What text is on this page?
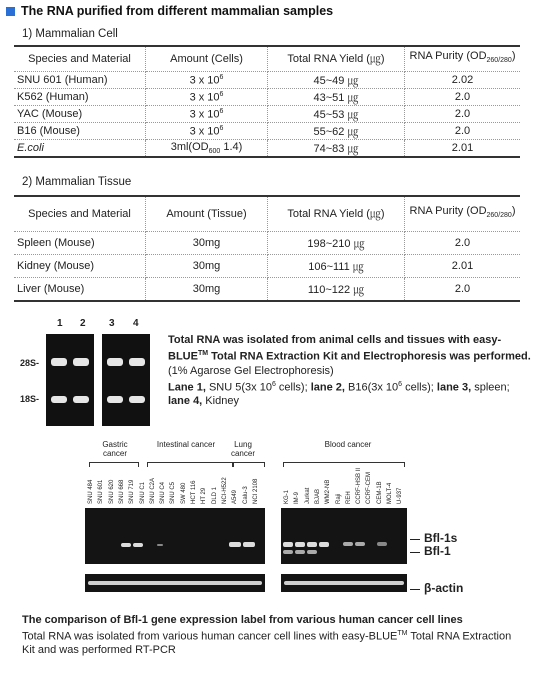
The RNA purified from different mammalian samples
1) Mammalian Cell
Species and Material	Amount (Cells)	Total RNA Yield (㎍)	RNA Purity $(OD_{260/280})$
SNU 601 (Human)	3 x $10^6$	45~49 ㎍	2.02
K562 (Human)	3 x $10^6$	43~51 ㎍	2.0
YAC (Mouse)	3 x $10^6$	45~53 ㎍	2.0
B16 (Mouse)	3 x $10^6$	55~62 ㎍	2.0
E.coli	$3ml(OD_{600}$ 1.4)	74~83 ㎍	2.01
2) Mammalian Tissue
Species and Material	Amount (Tissue)	Total RNA Yield (㎍)	RNA Purity $(OD_{260/280})$
Spleen (Mouse)	30mg	198~210 ㎍	2.0
Kidney (Mouse)	30mg	106~111 ㎍	2.01
Liver (Mouse)	30mg	110~122 ㎍	2.0
1 2 3 4
28S-
18S-
Total RNA was isolated from animal cells and tissues with easy-BLUE™ Total RNA Extraction Kit and Electrophoresis was performed.
(1% Agarose Gel Electrophoresis)
Lane 1, SNU 5(3x $10^6$ cells); lane 2, B16(3x $10^6$ cells); lane 3, spleen; lane 4, Kidney
Gastric cancer
Intestinal cancer	Lung cancer
Blood cancer
SNU 484 SNU 601 SNU 620 SNU 668 SNU 719 SNU C1 SNU C2A SNU C4 SNU C5 SW 480 HCT 116 HT 29 DLD 1 NCI-H522 A549 Calu-3 NCI 2108	KG-1 IM-9 Jurkat BJAB WM2-NB Raji REH CCRF-HSB II CCRF-CEM CEM-1B MOLT-4 U-937
Bfl-1s
Bfl-1
β-actin
The comparison of Bfl-1 gene expression label from various human cancer cell lines
Total RNA was isolated from various human cancer cell lines with easy-BLUE™ Total RNA Extraction Kit and was performed RT-PCR
